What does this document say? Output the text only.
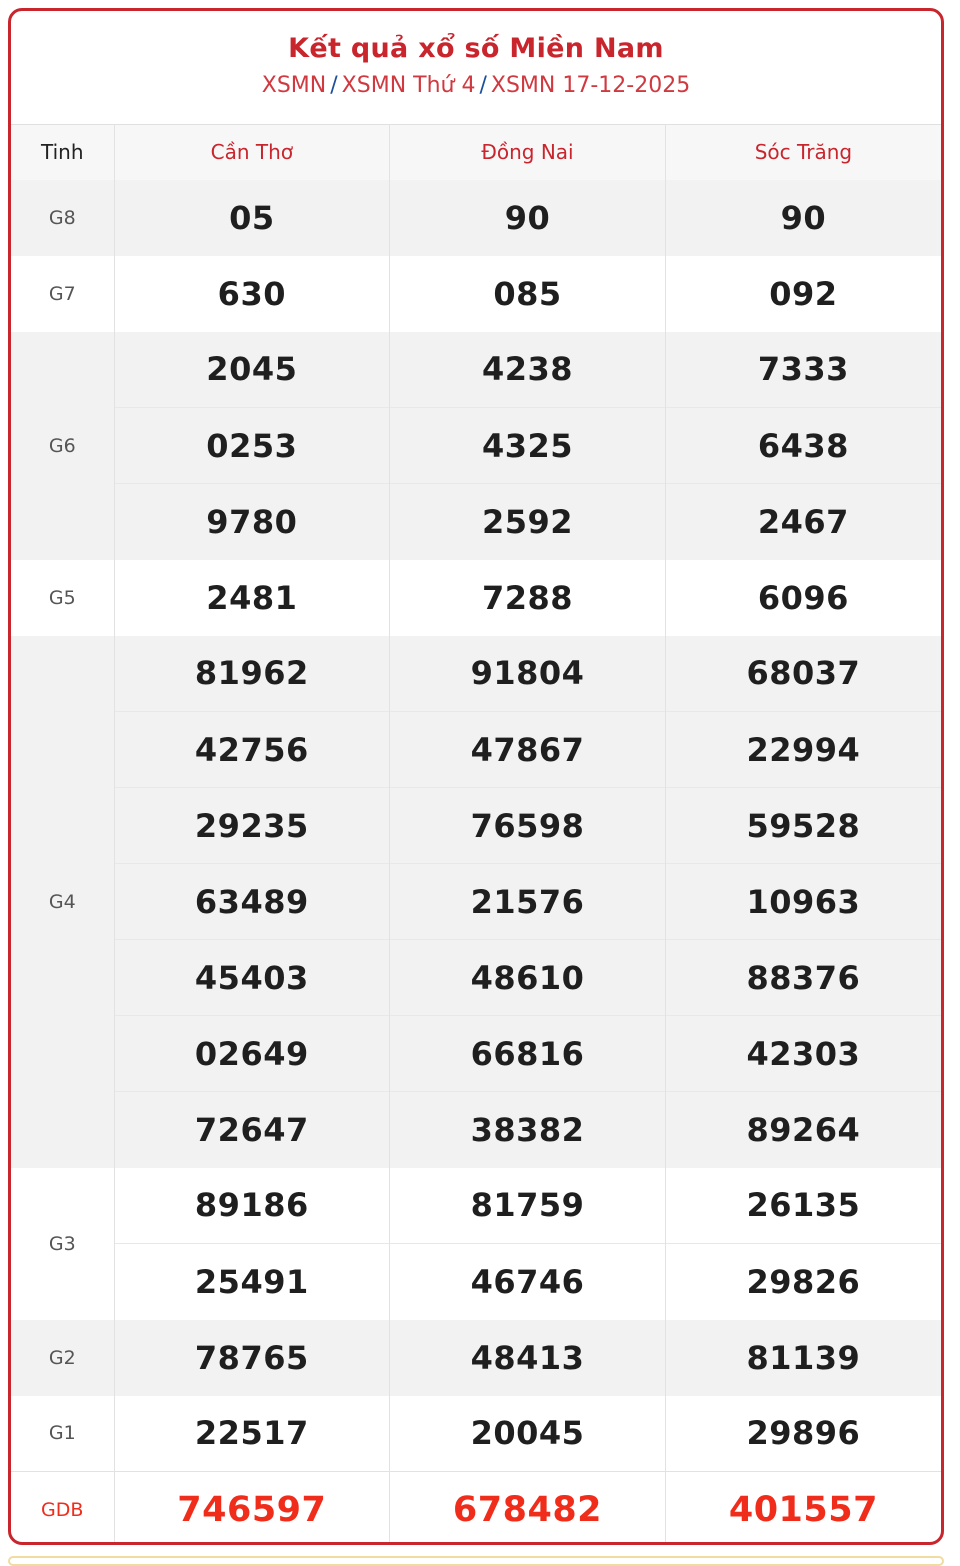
Kết quả xổ số Miền Nam
XSMN / XSMN Thứ 4 / XSMN 17-12-2025
Tinh	Cần Thơ	Đồng Nai	Sóc Trăng
G8	05	90	90
G7	630	085	092
G6	2045	4238	7333
	0253	4325	6438
	9780	2592	2467
G5	2481	7288	6096
G4	81962	91804	68037
	42756	47867	22994
	29235	76598	59528
	63489	21576	10963
	45403	48610	88376
	02649	66816	42303
	72647	38382	89264
G3	89186	81759	26135
	25491	46746	29826
G2	78765	48413	81139
G1	22517	20045	29896
GDB	746597	678482	401557
